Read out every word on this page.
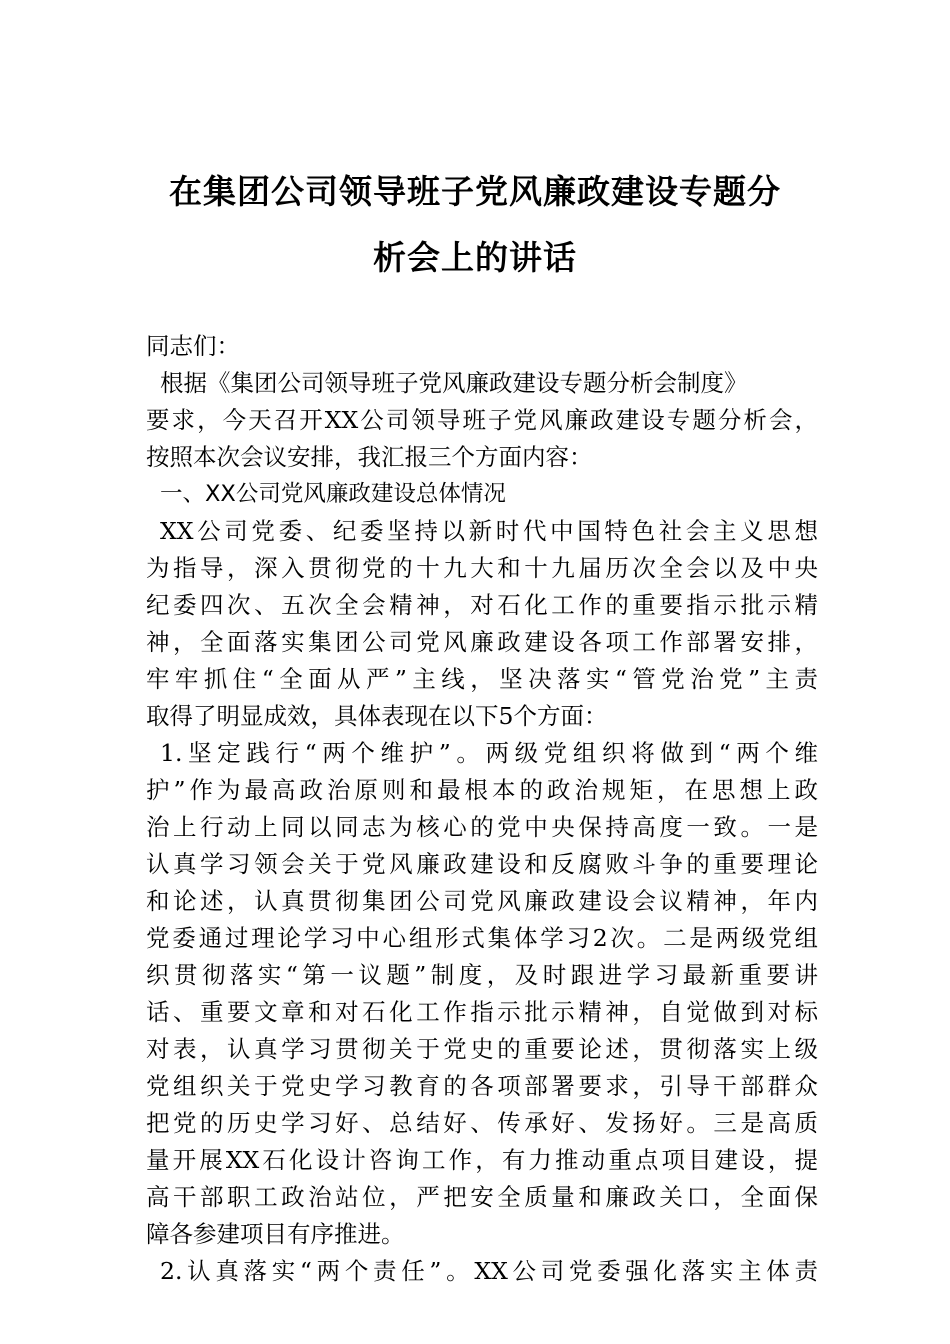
在集团公司领导班子党风廉政建设专题分
析会上的讲话
同志们：
根据《集团公司领导班子党风廉政建设专题分析会制度》
要求，今天召开XX公司领导班子党风廉政建设专题分析会，
按照本次会议安排，我汇报三个方面内容：
一、XX公司党风廉政建设总体情况
XX公司党委、纪委坚持以新时代中国特色社会主义思想
为指导，深入贯彻党的十九大和十九届历次全会以及中央
纪委四次、五次全会精神，对石化工作的重要指示批示精
神，全面落实集团公司党风廉政建设各项工作部署安排，
牢牢抓住“全面从严”主线，坚决落实“管党治党”主责
取得了明显成效，具体表现在以下5个方面：
1.坚定践行“两个维护”。两级党组织将做到“两个维
护”作为最高政治原则和最根本的政治规矩，在思想上政
治上行动上同以同志为核心的党中央保持高度一致。一是
认真学习领会关于党风廉政建设和反腐败斗争的重要理论
和论述，认真贯彻集团公司党风廉政建设会议精神，年内
党委通过理论学习中心组形式集体学习2次。二是两级党组
织贯彻落实“第一议题”制度，及时跟进学习最新重要讲
话、重要文章和对石化工作指示批示精神，自觉做到对标
对表，认真学习贯彻关于党史的重要论述，贯彻落实上级
党组织关于党史学习教育的各项部署要求，引导干部群众
把党的历史学习好、总结好、传承好、发扬好。三是高质
量开展XX石化设计咨询工作，有力推动重点项目建设，提
高干部职工政治站位，严把安全质量和廉政关口，全面保
障各参建项目有序推进。
2.认真落实“两个责任”。XX公司党委强化落实主体责
